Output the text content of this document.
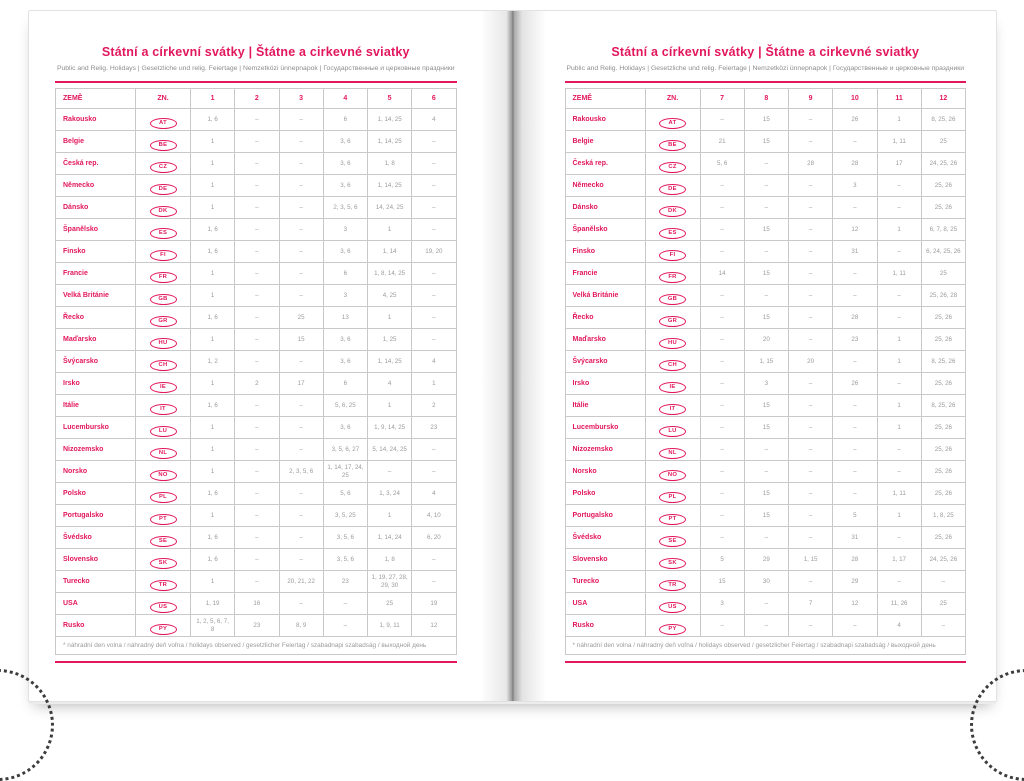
Státní a církevní svátky | Štátne a cirkevné sviatky

Public and Relig. Holidays | Gesetzliche und relig. Feiertage | Nemzetközi ünnepnapok | Государственные и церковные праздники

ZEMĚ	ZN.	1	2	3	4	5	6
Rakousko	AT	1, 6	–	–	6	1, 14, 25	4
Belgie	BE	1	–	–	3, 6	1, 14, 25	–
Česká rep.	CZ	1	–	–	3, 6	1, 8	–
Německo	DE	1	–	–	3, 6	1, 14, 25	–
Dánsko	DK	1	–	–	2, 3, 5, 6	14, 24, 25	–
Španělsko	ES	1, 6	–	–	3	1	–
Finsko	FI	1, 6	–	–	3, 6	1, 14	19, 20
Francie	FR	1	–	–	6	1, 8, 14, 25	–
Velká Británie	GB	1	–	–	3	4, 25	–
Řecko	GR	1, 6	–	25	13	1	–
Maďarsko	HU	1	–	15	3, 6	1, 25	–
Švýcarsko	CH	1, 2	–	–	3, 6	1, 14, 25	4
Irsko	IE	1	2	17	6	4	1
Itálie	IT	1, 6	–	–	5, 6, 25	1	2
Lucembursko	LU	1	–	–	3, 6	1, 9, 14, 25	23
Nizozemsko	NL	1	–	–	3, 5, 6, 27	5, 14, 24, 25	–
Norsko	NO	1	–	2, 3, 5, 6	1, 14, 17, 24, 25	–	–
Polsko	PL	1, 6	–	–	5, 6	1, 3, 24	4
Portugalsko	PT	1	–	–	3, 5, 25	1	4, 10
Švédsko	SE	1, 6	–	–	3, 5, 6	1, 14, 24	6, 20
Slovensko	SK	1, 6	–	–	3, 5, 6	1, 8	–
Turecko	TR	1	–	20, 21, 22	23	1, 19, 27, 28, 29, 30	–
USA	US	1, 19	16	–	–	25	19
Rusko	PY	1, 2, 5, 6, 7, 8	23	8, 9	–	1, 9, 11	12
* náhradní den volna / náhradný deň voľna / holidays observed / gesetzlicher Feiertag / szabadnapi szabadság / выходной день							
Státní a církevní svátky | Štátne a cirkevné sviatky

Public and Relig. Holidays | Gesetzliche und relig. Feiertage | Nemzetközi ünnepnapok | Государственные и церковные праздники

ZEMĚ	ZN.	7	8	9	10	11	12
Rakousko	AT	–	15	–	26	1	8, 25, 26
Belgie	BE	21	15	–	–	1, 11	25
Česká rep.	CZ	5, 6	–	28	28	17	24, 25, 26
Německo	DE	–	–	–	3	–	25, 26
Dánsko	DK	–	–	–	–	–	25, 26
Španělsko	ES	–	15	–	12	1	6, 7, 8, 25
Finsko	FI	–	–	–	31	–	6, 24, 25, 26
Francie	FR	14	15	–	–	1, 11	25
Velká Británie	GB	–	–	–	–	–	25, 26, 28
Řecko	GR	–	15	–	28	–	25, 26
Maďarsko	HU	–	20	–	23	1	25, 26
Švýcarsko	CH	–	1, 15	20	–	1	8, 25, 26
Irsko	IE	–	3	–	26	–	25, 26
Itálie	IT	–	15	–	–	1	8, 25, 26
Lucembursko	LU	–	15	–	–	1	25, 26
Nizozemsko	NL	–	–	–	–	–	25, 26
Norsko	NO	–	–	–	–	–	25, 26
Polsko	PL	–	15	–	–	1, 11	25, 26
Portugalsko	PT	–	15	–	5	1	1, 8, 25
Švédsko	SE	–	–	–	31	–	25, 26
Slovensko	SK	5	29	1, 15	28	1, 17	24, 25, 26
Turecko	TR	15	30	–	29	–	–
USA	US	3	–	7	12	11, 26	25
Rusko	PY	–	–	–	–	4	–
* náhradní den volna / náhradný deň voľna / holidays observed / gesetzlicher Feiertag / szabadnapi szabadság / выходной день							
